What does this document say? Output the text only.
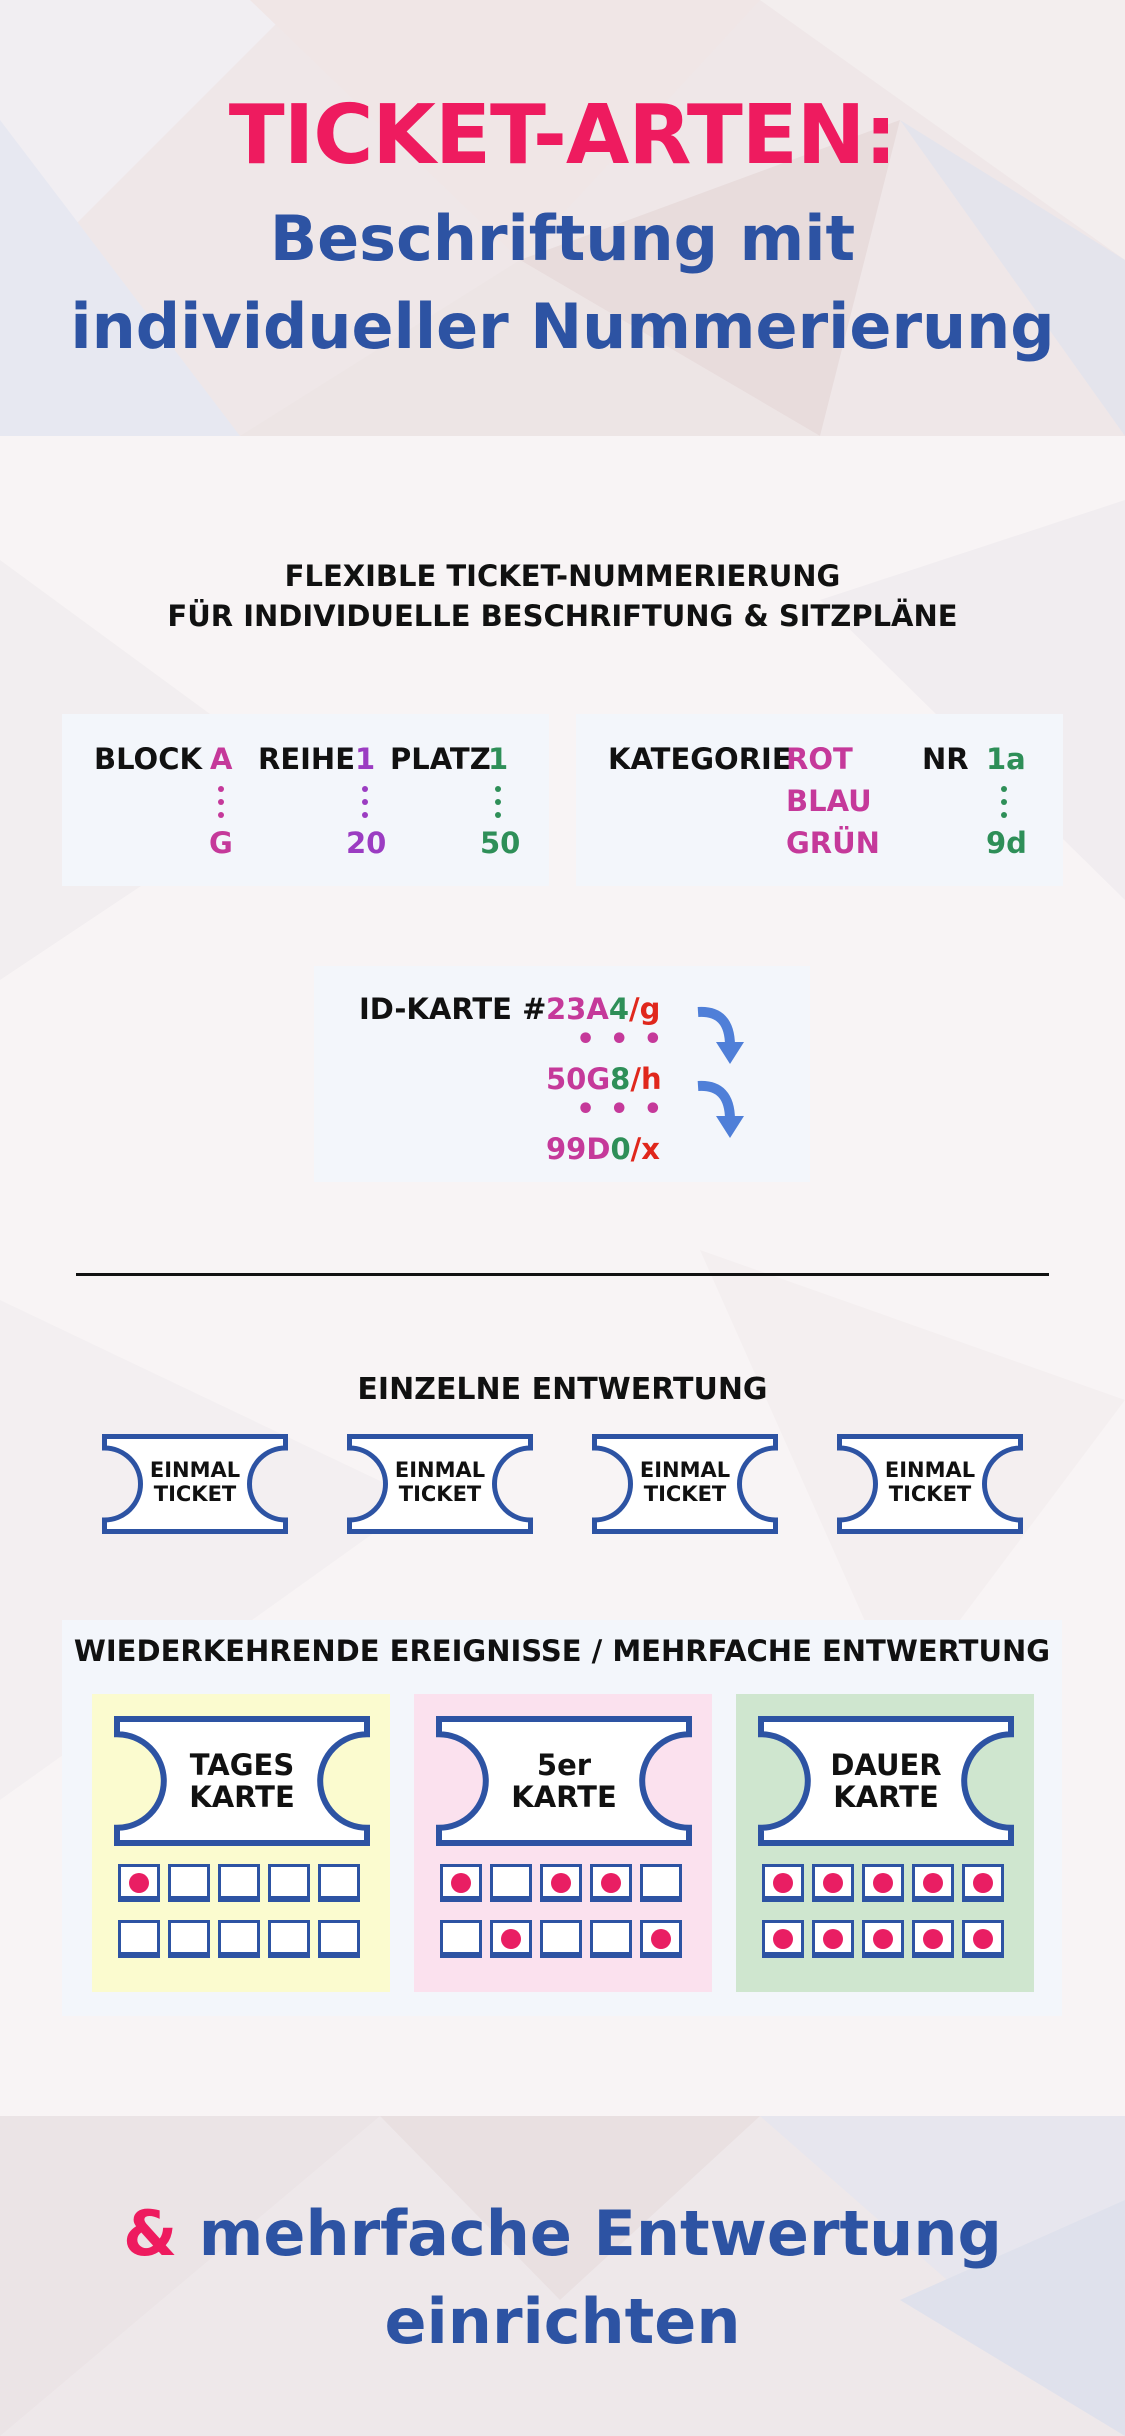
TICKET-ARTEN:
Beschriftung mit
individueller Nummerierung
FLEXIBLE TICKET-NUMMERIERUNG
FÜR INDIVIDUELLE BESCHRIFTUNG & SITZPLÄNE
BLOCK A
G
REIHE 1
20
PLATZ
1
50
KATEGORIE
ROT
BLAU
GRÜN
NR 1a
9d
ID-KARTE # 23A4/g
• • •
50G8/h
• • •
99D0/x
EINZELNE ENTWERTUNG
EINMAL
TICKET
EINMAL
TICKET
EINMAL
TICKET
EINMAL
TICKET
WIEDERKEHRENDE EREIGNISSE / MEHRFACHE ENTWERTUNG
TAGES
KARTE
5er
KARTE
DAUER
KARTE
& mehrfache Entwertung
einrichten
